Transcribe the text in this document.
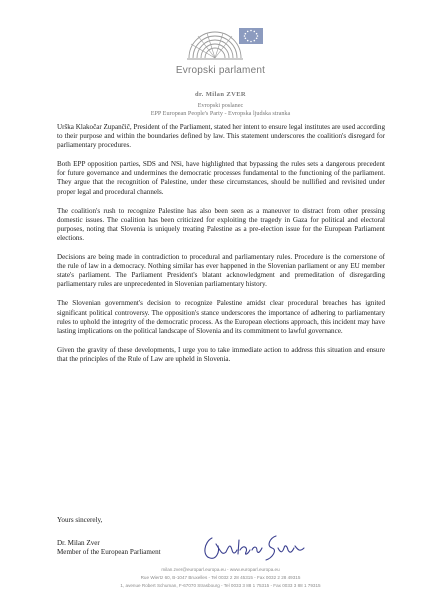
Evropski parlament
dr. Milan ZVER
Evropski poslanec
EPP European People's Party - Evropska ljudska stranka

Urška Klakočar Zupančič, President of the Parliament, stated her intent to ensure legal institutes are used according to their purpose and within the boundaries defined by law. This statement underscores the coalition's disregard for parliamentary procedures.

Both EPP opposition parties, SDS and NSi, have highlighted that bypassing the rules sets a dangerous precedent for future governance and undermines the democratic processes fundamental to the functioning of the parliament. They argue that the recognition of Palestine, under these circumstances, should be nullified and revisited under proper legal and procedural channels.

The coalition's rush to recognize Palestine has also been seen as a maneuver to distract from other pressing domestic issues. The coalition has been criticized for exploiting the tragedy in Gaza for political and electoral purposes, noting that Slovenia is uniquely treating Palestine as a pre-election issue for the European Parliament elections.

Decisions are being made in contradiction to procedural and parliamentary rules. Procedure is the cornerstone of the rule of law in a democracy. Nothing similar has ever happened in the Slovenian parliament or any EU member state's parliament. The Parliament President's blatant acknowledgment and premeditation of disregarding parliamentary rules are unprecedented in Slovenian parliamentary history.

The Slovenian government's decision to recognize Palestine amidst clear procedural breaches has ignited significant political controversy. The opposition's stance underscores the importance of adhering to parliamentary rules to uphold the integrity of the democratic process. As the European elections approach, this incident may have lasting implications on the political landscape of Slovenia and its commitment to lawful governance.

Given the gravity of these developments, I urge you to take immediate action to address this situation and ensure that the principles of the Rule of Law are upheld in Slovenia.

Yours sincerely,
Dr. Milan Zver
Member of the European Parliament
milan.zver@europarl.europa.eu - www.europarl.europa.eu
Rue Wiertz 60, B-1047 Bruxelles - Tel 0032 2 28 45315 - Fax 0032 2 28 49315
1, avenue Robert Schuman, F-67070 Strasbourg - Tel 0033 3 88 1 75315 - Fax 0033 3 88 1 79315
